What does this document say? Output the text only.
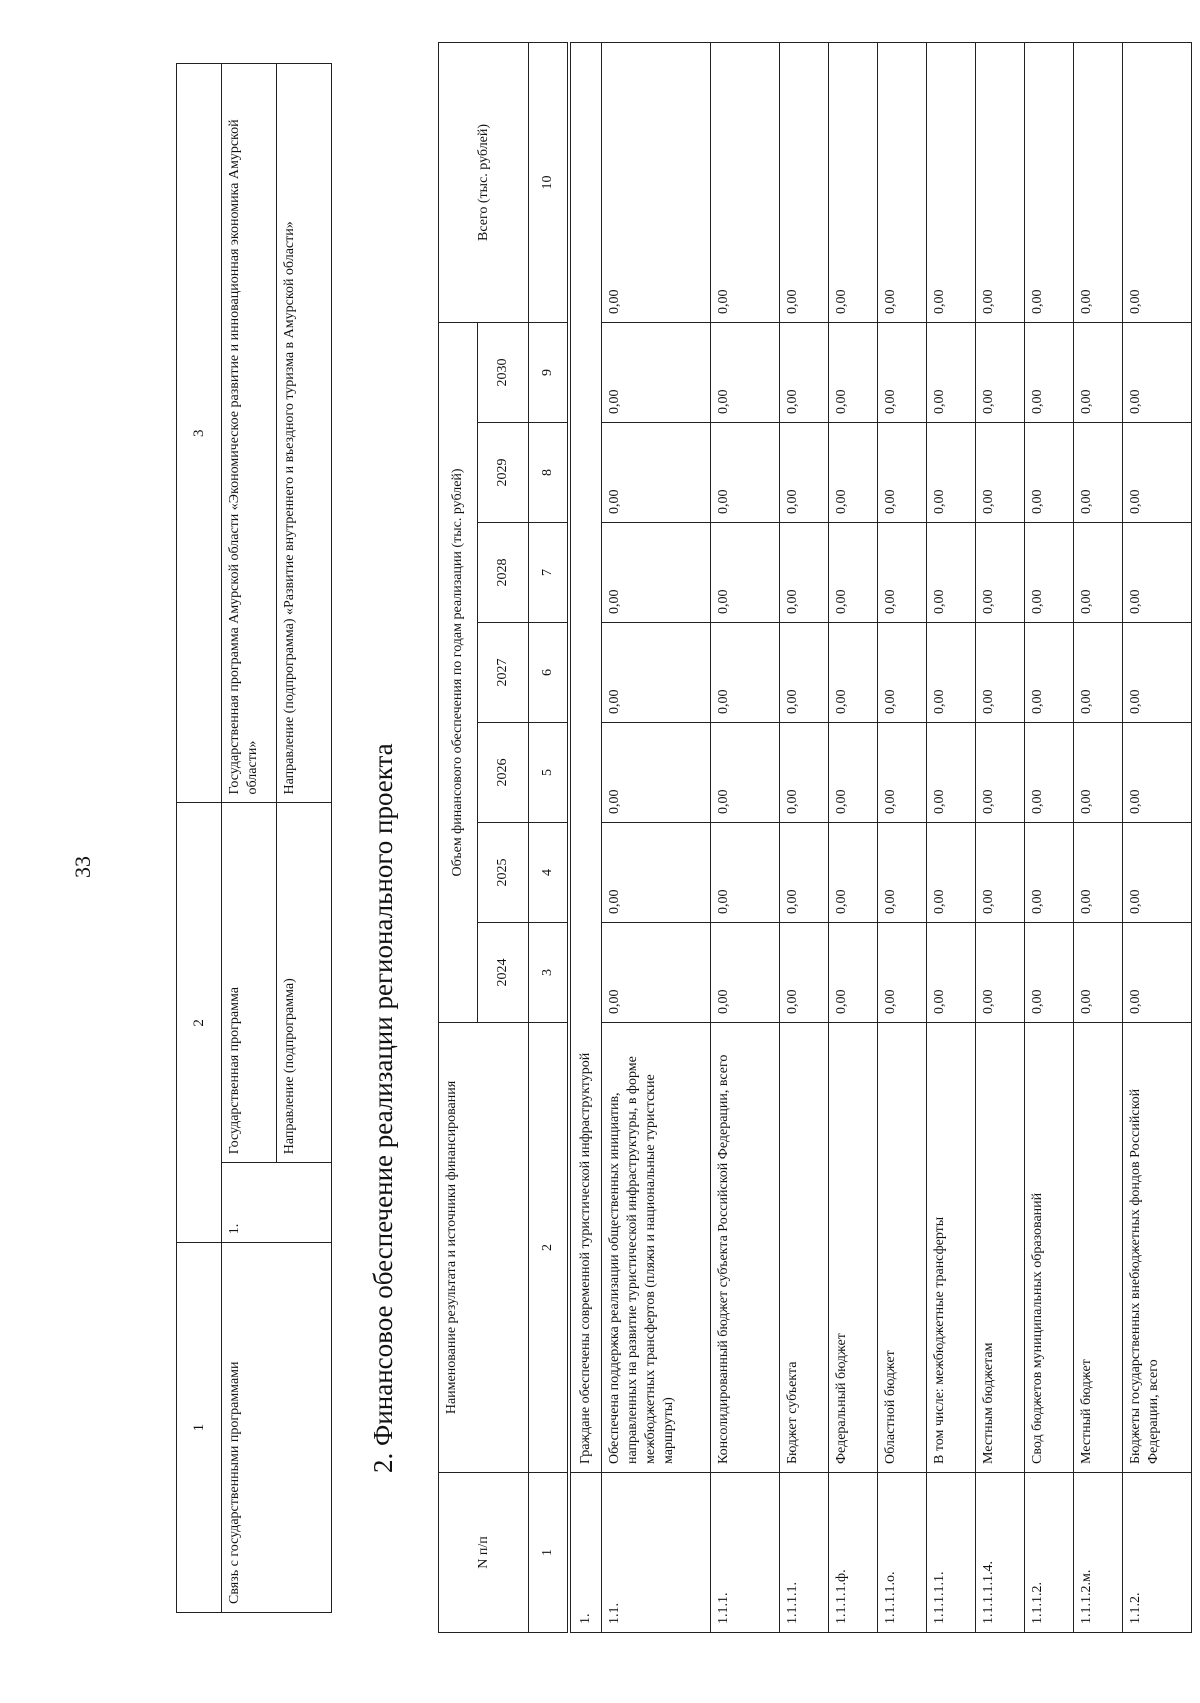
33
1	2		3
Связь с государственными программами	1.	Государственная программа	Государственная программа Амурской области «Экономическое развитие и инновационная экономика Амурской области»
		Направление (подпрограмма)	Направление (подпрограмма) «Развитие внутреннего и въездного туризма в Амурской области»
2. Финансовое обеспечение реализации регионального проекта
N п/п	Наименование результата и источники финансирования	Объем финансового обеспечения по годам реализации (тыс. рублей)							Всего (тыс. рублей)
		2024	2025	2026	2027	2028	2029	2030	
1	2	3	4	5	6	7	8	9	10
1.	Граждане обеспечены современной туристической инфраструктурой								
1.1.	Обеспечена поддержка реализации общественных инициатив, направленных на развитие туристической инфраструктуры, в форме межбюджетных трансфертов (пляжи и национальные туристские маршруты)	0,00	0,00	0,00	0,00	0,00	0,00	0,00	0,00
1.1.1.	Консолидированный бюджет субъекта Российской Федерации, всего	0,00	0,00	0,00	0,00	0,00	0,00	0,00	0,00
1.1.1.1.	Бюджет субъекта	0,00	0,00	0,00	0,00	0,00	0,00	0,00	0,00
1.1.1.1.ф.	Федеральный бюджет	0,00	0,00	0,00	0,00	0,00	0,00	0,00	0,00
1.1.1.1.о.	Областной бюджет	0,00	0,00	0,00	0,00	0,00	0,00	0,00	0,00
1.1.1.1.1.	В том числе: межбюджетные трансферты	0,00	0,00	0,00	0,00	0,00	0,00	0,00	0,00
1.1.1.1.1.4.	Местным бюджетам	0,00	0,00	0,00	0,00	0,00	0,00	0,00	0,00
1.1.1.2.	Свод бюджетов муниципальных образований	0,00	0,00	0,00	0,00	0,00	0,00	0,00	0,00
1.1.1.2.м.	Местный бюджет	0,00	0,00	0,00	0,00	0,00	0,00	0,00	0,00
1.1.2.	Бюджеты государственных внебюджетных фондов Российской Федерации, всего	0,00	0,00	0,00	0,00	0,00	0,00	0,00	0,00
